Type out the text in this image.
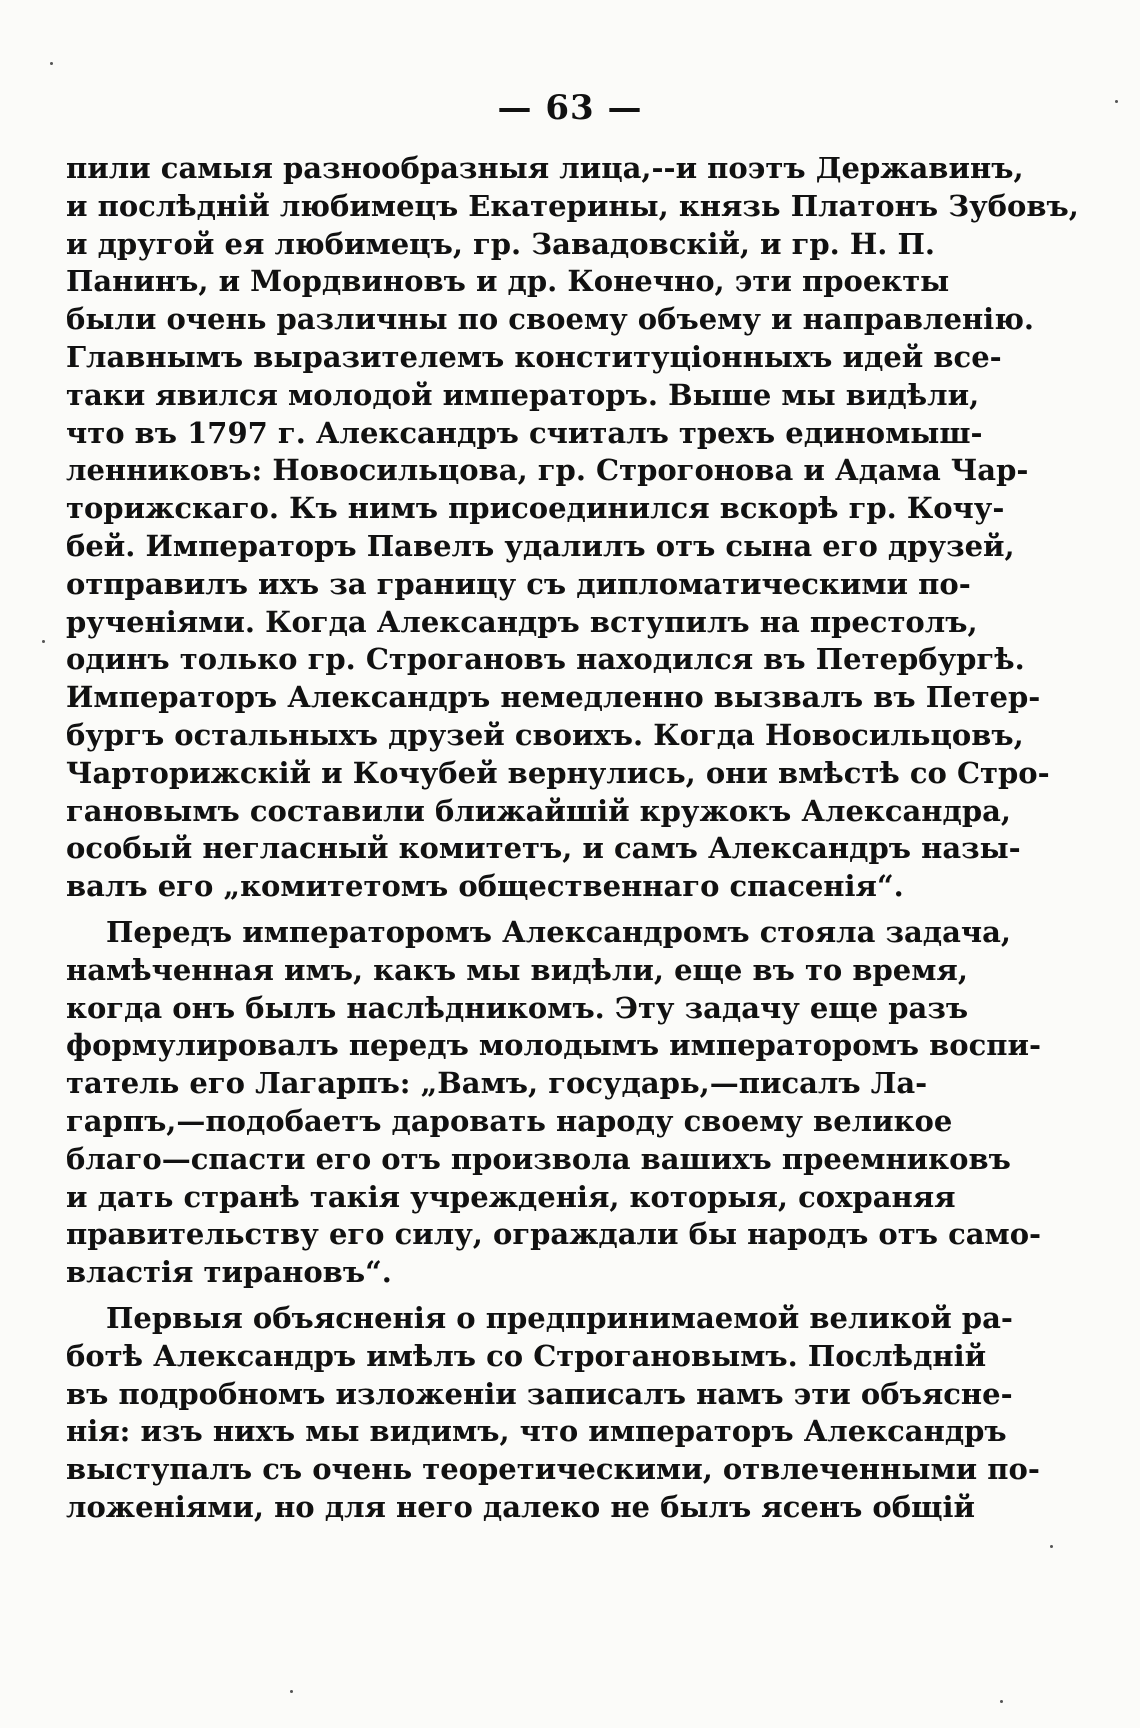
— 63 —
пили самыя разнообразныя лица,--и поэтъ Державинъ,
и послѣдній любимецъ Екатерины, князь Платонъ Зубовъ,
и другой ея любимецъ, гр. Завадовскій, и гр. Н. П.
Панинъ, и Мордвиновъ и др. Конечно, эти проекты
были очень различны по своему объему и направленію.
Главнымъ выразителемъ конституціонныхъ идей все-
таки явился молодой императоръ. Выше мы видѣли,
что въ 1797 г. Александръ считалъ трехъ единомыш-
ленниковъ: Новосильцова, гр. Строгонова и Адама Чар-
торижскаго. Къ нимъ присоединился вскорѣ гр. Кочу-
бей. Императоръ Павелъ удалилъ отъ сына его друзей,
отправилъ ихъ за границу съ дипломатическими по-
рученіями. Когда Александръ вступилъ на престолъ,
одинъ только гр. Строгановъ находился въ Петербургѣ.
Императоръ Александръ немедленно вызвалъ въ Петер-
бургъ остальныхъ друзей своихъ. Когда Новосильцовъ,
Чарторижскій и Кочубей вернулись, они вмѣстѣ со Стро-
гановымъ составили ближайшій кружокъ Александра,
особый негласный комитетъ, и самъ Александръ назы-
валъ его „комитетомъ общественнаго спасенія“.
Передъ императоромъ Александромъ стояла задача,
намѣченная имъ, какъ мы видѣли, еще въ то время,
когда онъ былъ наслѣдникомъ. Эту задачу еще разъ
формулировалъ передъ молодымъ императоромъ воспи-
татель его Лагарпъ: „Вамъ, государь,—писалъ Ла-
гарпъ,—подобаетъ даровать народу своему великое
благо—спасти его отъ произвола вашихъ преемниковъ
и дать странѣ такія учрежденія, которыя, сохраняя
правительству его силу, ограждали бы народъ отъ само-
властія тирановъ“.
Первыя объясненія о предпринимаемой великой ра-
ботѣ Александръ имѣлъ со Строгановымъ. Послѣдній
въ подробномъ изложеніи записалъ намъ эти объясне-
нія: изъ нихъ мы видимъ, что императоръ Александръ
выступалъ съ очень теоретическими, отвлеченными по-
ложеніями, но для него далеко не былъ ясенъ общій
